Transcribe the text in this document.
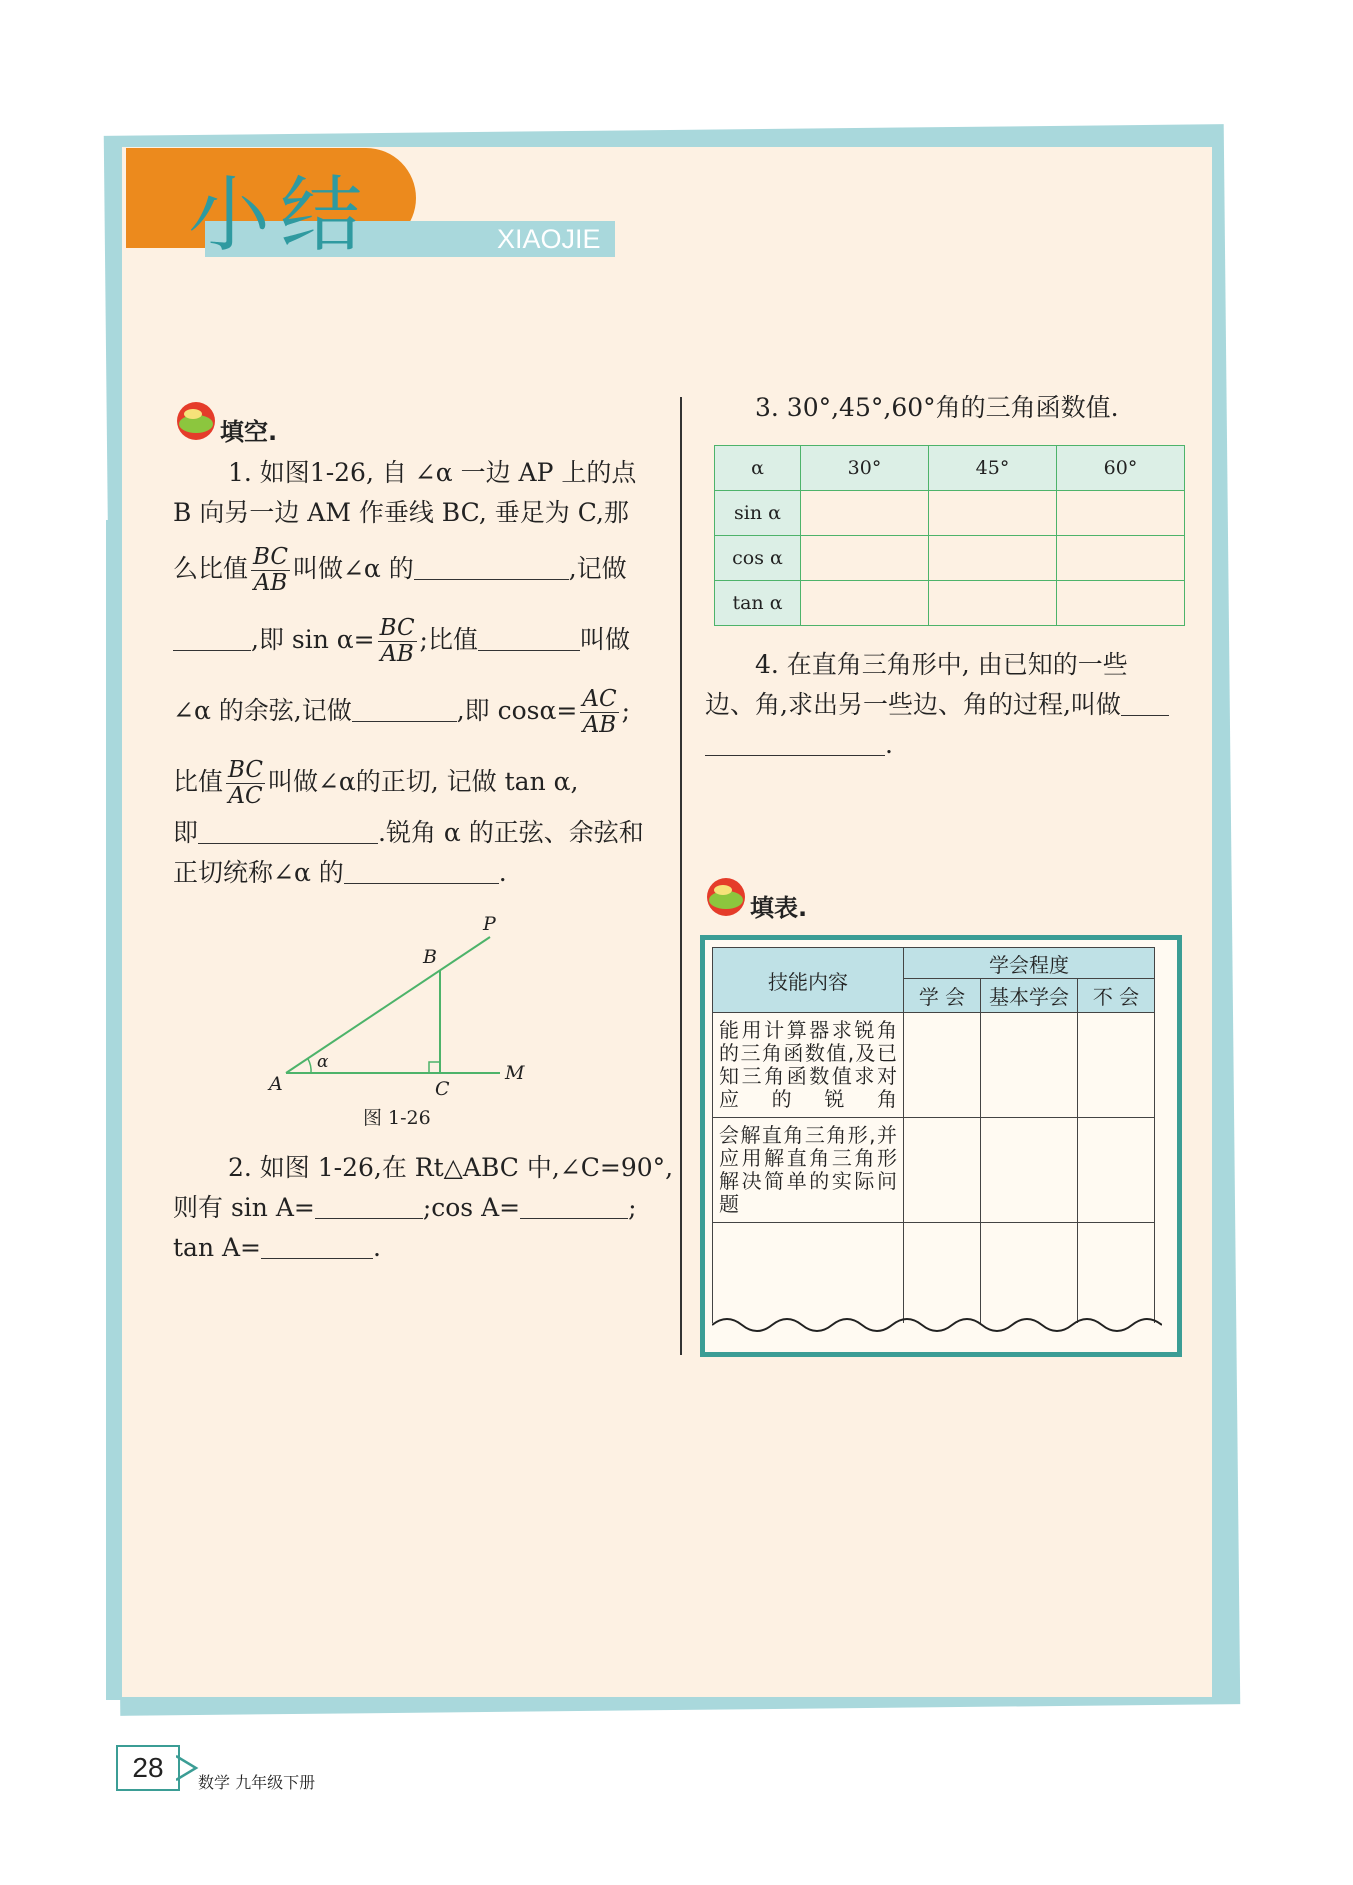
小结	XIAOJIE
填空.
1. 如图1-26, 自 ∠α 一边 AP 上的点
B 向另一边 AM 作垂线 BC, 垂足为 C,那
么比值 $\frac{BC}{AB}$ 叫做∠α 的	,记做
,即 $\sin \alpha= \frac{BC}{AB}$ ;比值	叫做
∠α 的余弦,记做	,即 $\cos\alpha= \frac{AC}{AB}$ ;
比值 $\frac{BC}{AC}$ 叫做∠α的正切, 记做 tan α,
即	.锐角 α 的正弦、余弦和
正切统称∠α 的	.
P
B
A	C
M
α
图 1-26
2. 如图 1-26,在 Rt△ABC 中,∠C=90°,
则有 sin A=	;cos A=	;
tan A=	.
3. 30°,45°,60°角的三角函数值.
α	30°	45°	60°
sin α			
cos α			
tan α			
4. 在直角三角形中, 由已知的一些
边、角,求出另一些边、角的过程,叫做
.
填表.
技能内容	学会程度		
	学 会	基本学会	不 会
能用计算器求锐角的三角函数值,及已知三角函数值求对应的锐角			
会解直角三角形,并应用解直角三角形解决简单的实际问题			

28	数学 九年级下册
